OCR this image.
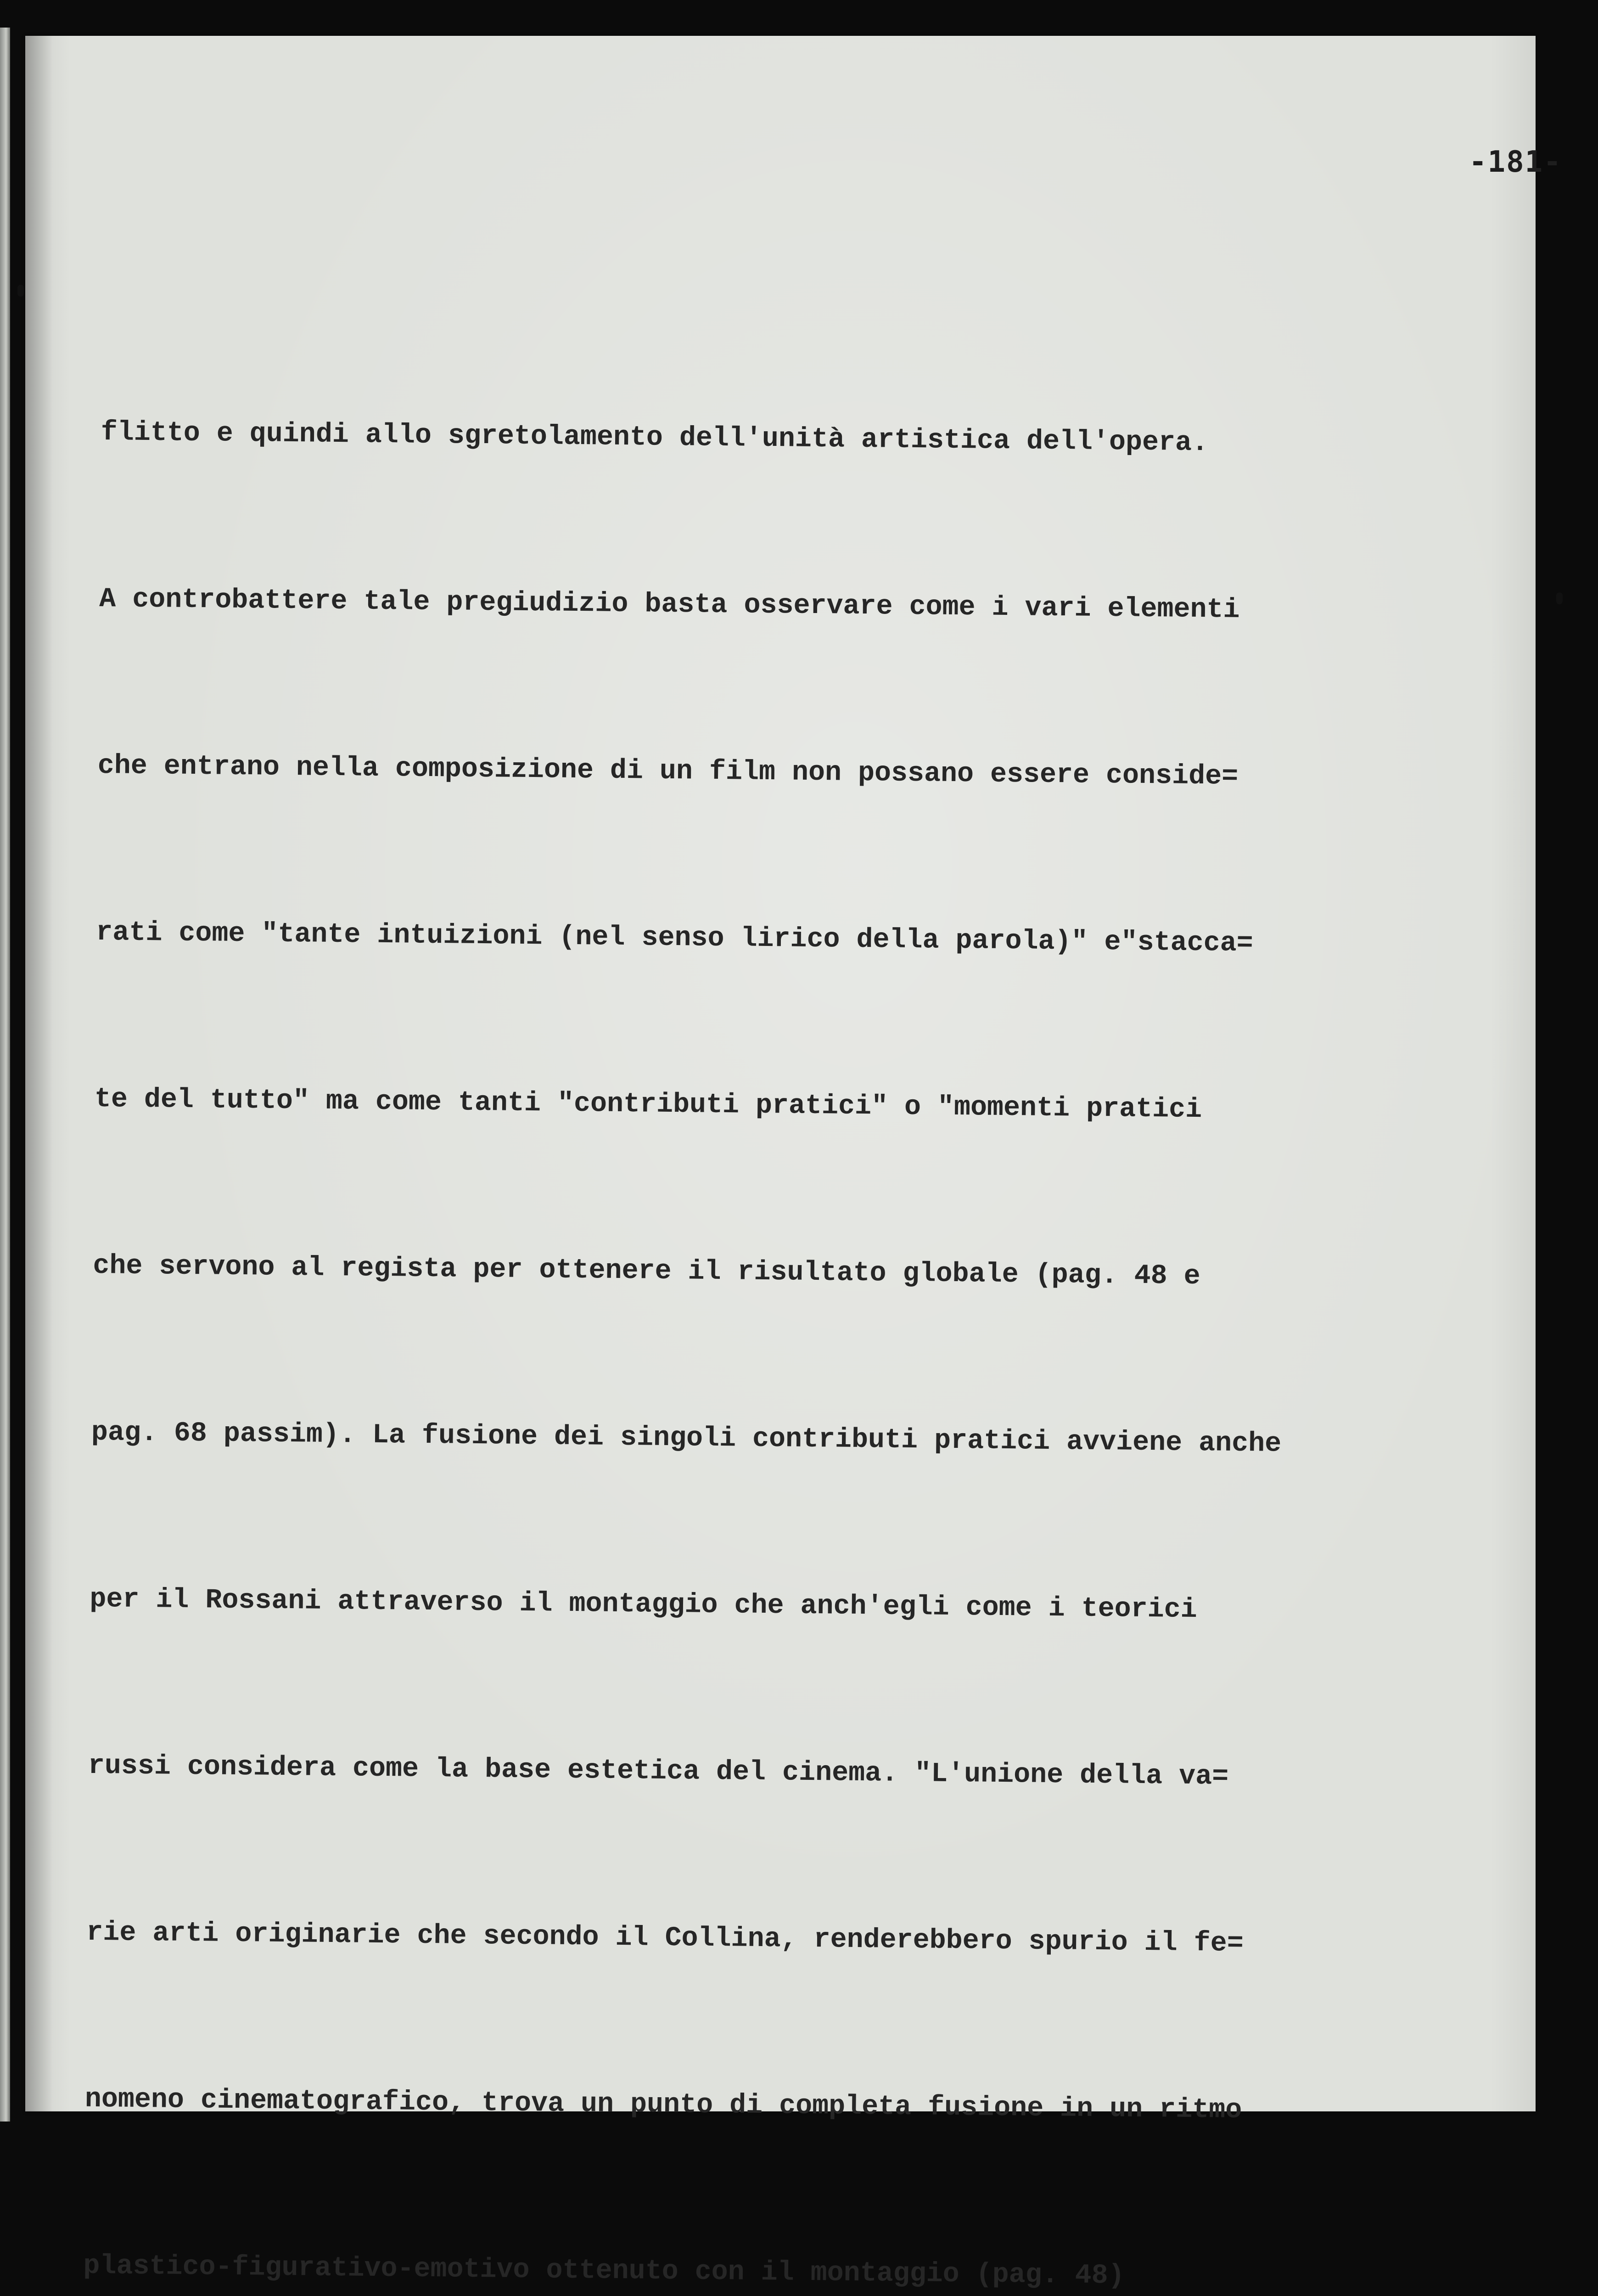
-181-

flitto e quindi allo sgretolamento dell'unità artistica dell'opera.

A controbattere tale pregiudizio basta osservare come i vari elementi

che entrano nella composizione di un film non possano essere conside=

rati come "tante intuizioni (nel senso lirico della parola)" e"stacca=

te del tutto" ma come tanti "contributi pratici" o "momenti pratici

che servono al regista per ottenere il risultato globale (pag. 48 e

pag. 68 passim). La fusione dei singoli contributi pratici avviene anche

per il Rossani attraverso il montaggio che anch'egli come i teorici

russi considera come la base estetica del cinema. "L'unione della va=

rie arti originarie che secondo il Collina, renderebbero spurio il fe=

nomeno cinematografico, trova un punto di completa fusione in un ritmo

plastico-figurativo-emotivo ottenuto con il montaggio (pag. 48)
